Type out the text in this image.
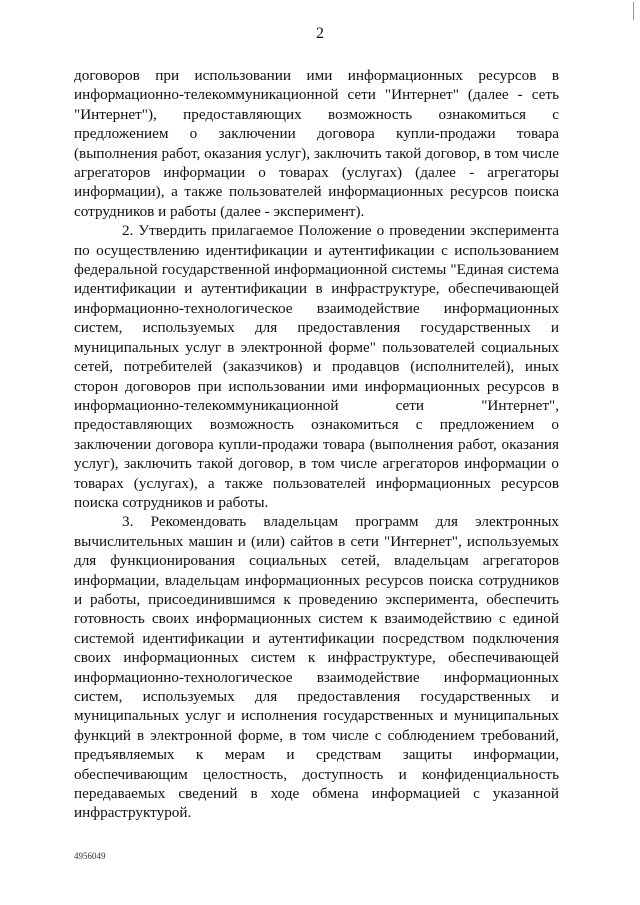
2

договоров при использовании ими информационных ресурсов в информационно-телекоммуникационной сети "Интернет" (далее - сеть "Интернет"), предоставляющих возможность ознакомиться с предложением о заключении договора купли-продажи товара (выполнения работ, оказания услуг), заключить такой договор, в том числе агрегаторов информации о товарах (услугах) (далее - агрегаторы информации), а также пользователей информационных ресурсов поиска сотрудников и работы (далее - эксперимент).

2. Утвердить прилагаемое Положение о проведении эксперимента по осуществлению идентификации и аутентификации с использованием федеральной государственной информационной системы "Единая система идентификации и аутентификации в инфраструктуре, обеспечивающей информационно-технологическое взаимодействие информационных систем, используемых для предоставления государственных и муниципальных услуг в электронной форме" пользователей социальных сетей, потребителей (заказчиков) и продавцов (исполнителей), иных сторон договоров при использовании ими информационных ресурсов в информационно-телекоммуникационной сети "Интернет", предоставляющих возможность ознакомиться с предложением о заключении договора купли-продажи товара (выполнения работ, оказания услуг), заключить такой договор, в том числе агрегаторов информации о товарах (услугах), а также пользователей информационных ресурсов поиска сотрудников и работы.

3. Рекомендовать владельцам программ для электронных вычислительных машин и (или) сайтов в сети "Интернет", используемых для функционирования социальных сетей, владельцам агрегаторов информации, владельцам информационных ресурсов поиска сотрудников и работы, присоединившимся к проведению эксперимента, обеспечить готовность своих информационных систем к взаимодействию с единой системой идентификации и аутентификации посредством подключения своих информационных систем к инфраструктуре, обеспечивающей информационно-технологическое взаимодействие информационных систем, используемых для предоставления государственных и муниципальных услуг и исполнения государственных и муниципальных функций в электронной форме, в том числе с соблюдением требований, предъявляемых к мерам и средствам защиты информации, обеспечивающим целостность, доступность и конфиденциальность передаваемых сведений в ходе обмена информацией с указанной инфраструктурой.

4956049
